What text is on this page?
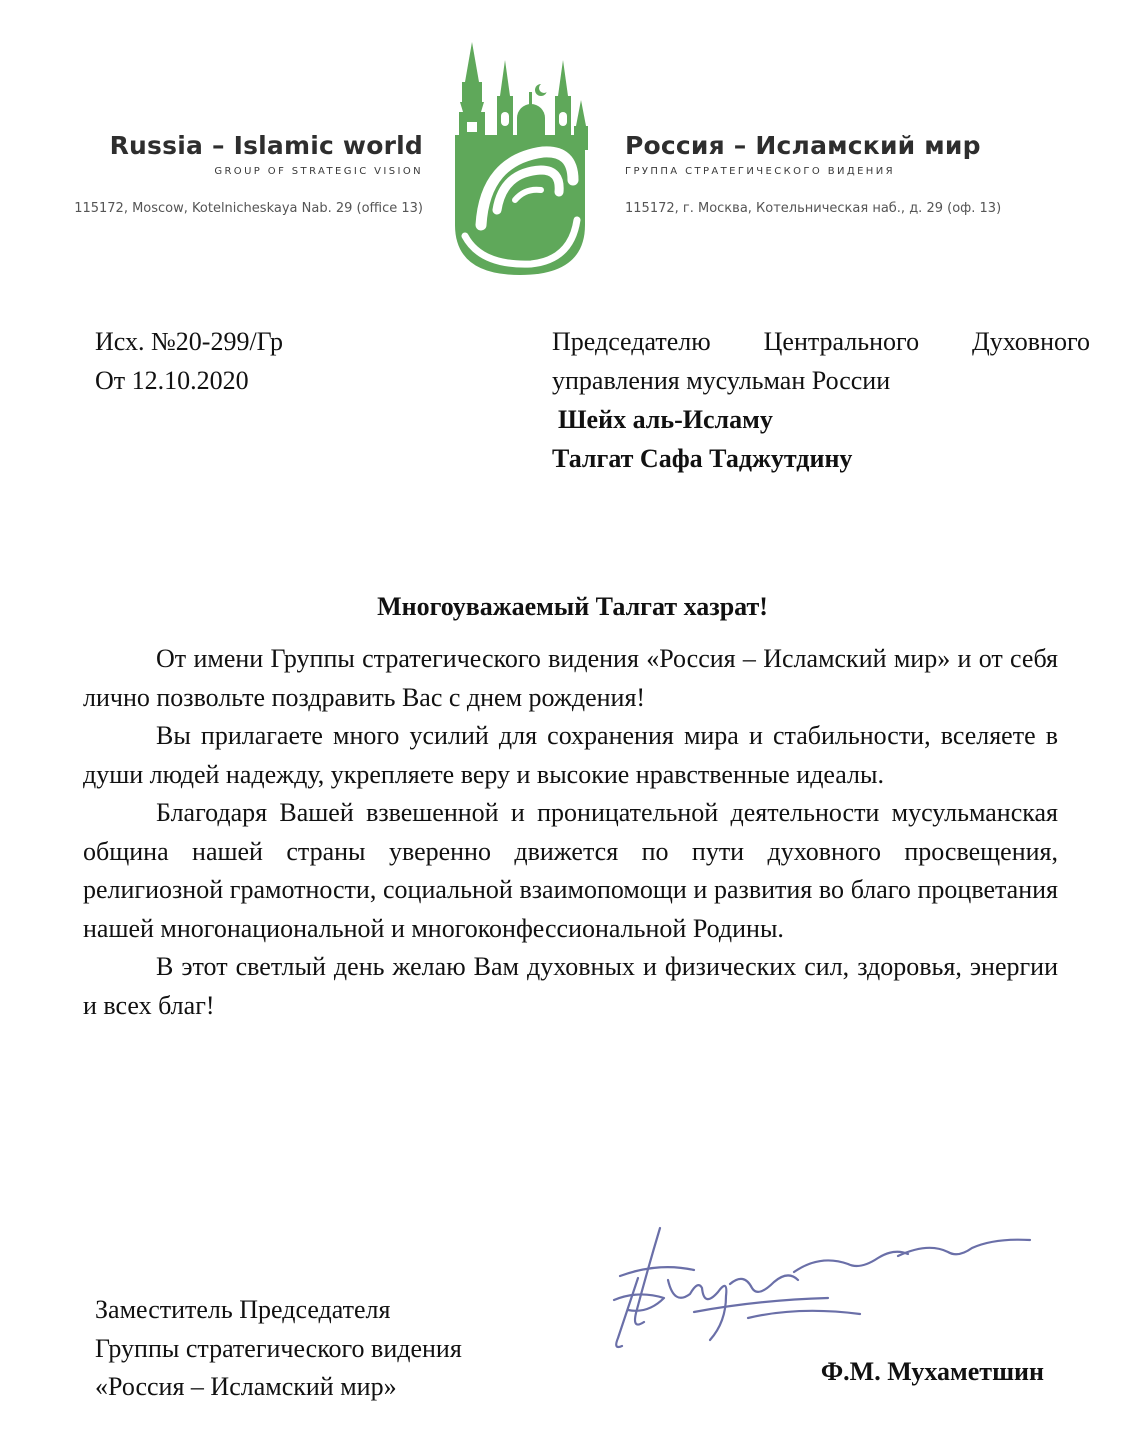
Russia – Islamic world
GROUP OF STRATEGIC VISION
115172, Moscow, Kotelnicheskaya Nab. 29 (office 13)
Россия – Исламский мир
ГРУППА СТРАТЕГИЧЕСКОГО ВИДЕНИЯ
115172, г. Москва, Котельническая наб., д. 29 (оф. 13)
Исх. №20-299/Гр
От 12.10.2020
Председателю Центрального Духовного
управления мусульман России
Шейх аль-Исламу
Талгат Сафа Таджутдину
Многоуважаемый Талгат хазрат!

От имени Группы стратегического видения «Россия – Исламский мир» и от себя лично позвольте поздравить Вас с днем рождения!

Вы прилагаете много усилий для сохранения мира и стабильности, вселяете в души людей надежду, укрепляете веру и высокие нравственные идеалы.

Благодаря Вашей взвешенной и проницательной деятельности мусульманская община нашей страны уверенно движется по пути духовного просвещения, религиозной грамотности, социальной взаимопомощи и развития во благо процветания нашей многонациональной и многоконфессиональной Родины.

В этот светлый день желаю Вам духовных и физических сил, здоровья, энергии и всех благ!

Заместитель Председателя
Группы стратегического видения
«Россия – Исламский мир»
Ф.М. Мухаметшин
